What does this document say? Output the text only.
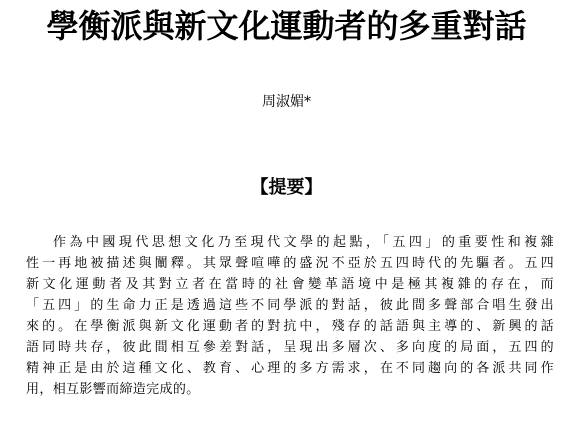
學衡派與新文化運動者的多重對話
周淑媚*
【提要】
作為中國現代思想文化乃至現代文學的起點，「五四」的重要性和複雜
性一再地被描述與闡釋。其眾聲喧嘩的盛況不亞於五四時代的先驅者。五四
新文化運動者及其對立者在當時的社會變革語境中是極其複雜的存在，而
「五四」的生命力正是透過這些不同學派的對話，彼此間多聲部合唱生發出
來的。在學衡派與新文化運動者的對抗中，殘存的話語與主導的、新興的話
語同時共存，彼此間相互參差對話，呈現出多層次、多向度的局面，五四的
精神正是由於這種文化、教育、心理的多方需求，在不同趨向的各派共同作
用，相互影響而締造完成的。
